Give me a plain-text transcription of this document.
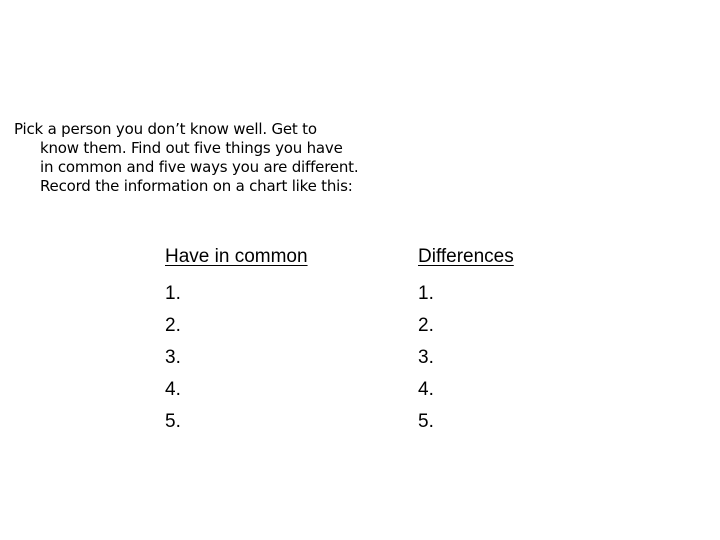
Pick a person you don’t know well. Get to
know them. Find out five things you have
in common and five ways you are different.
Record the information on a chart like this:
Have in common
1.
2.
3.
4.
5.
Differences
1.
2.
3.
4.
5.
